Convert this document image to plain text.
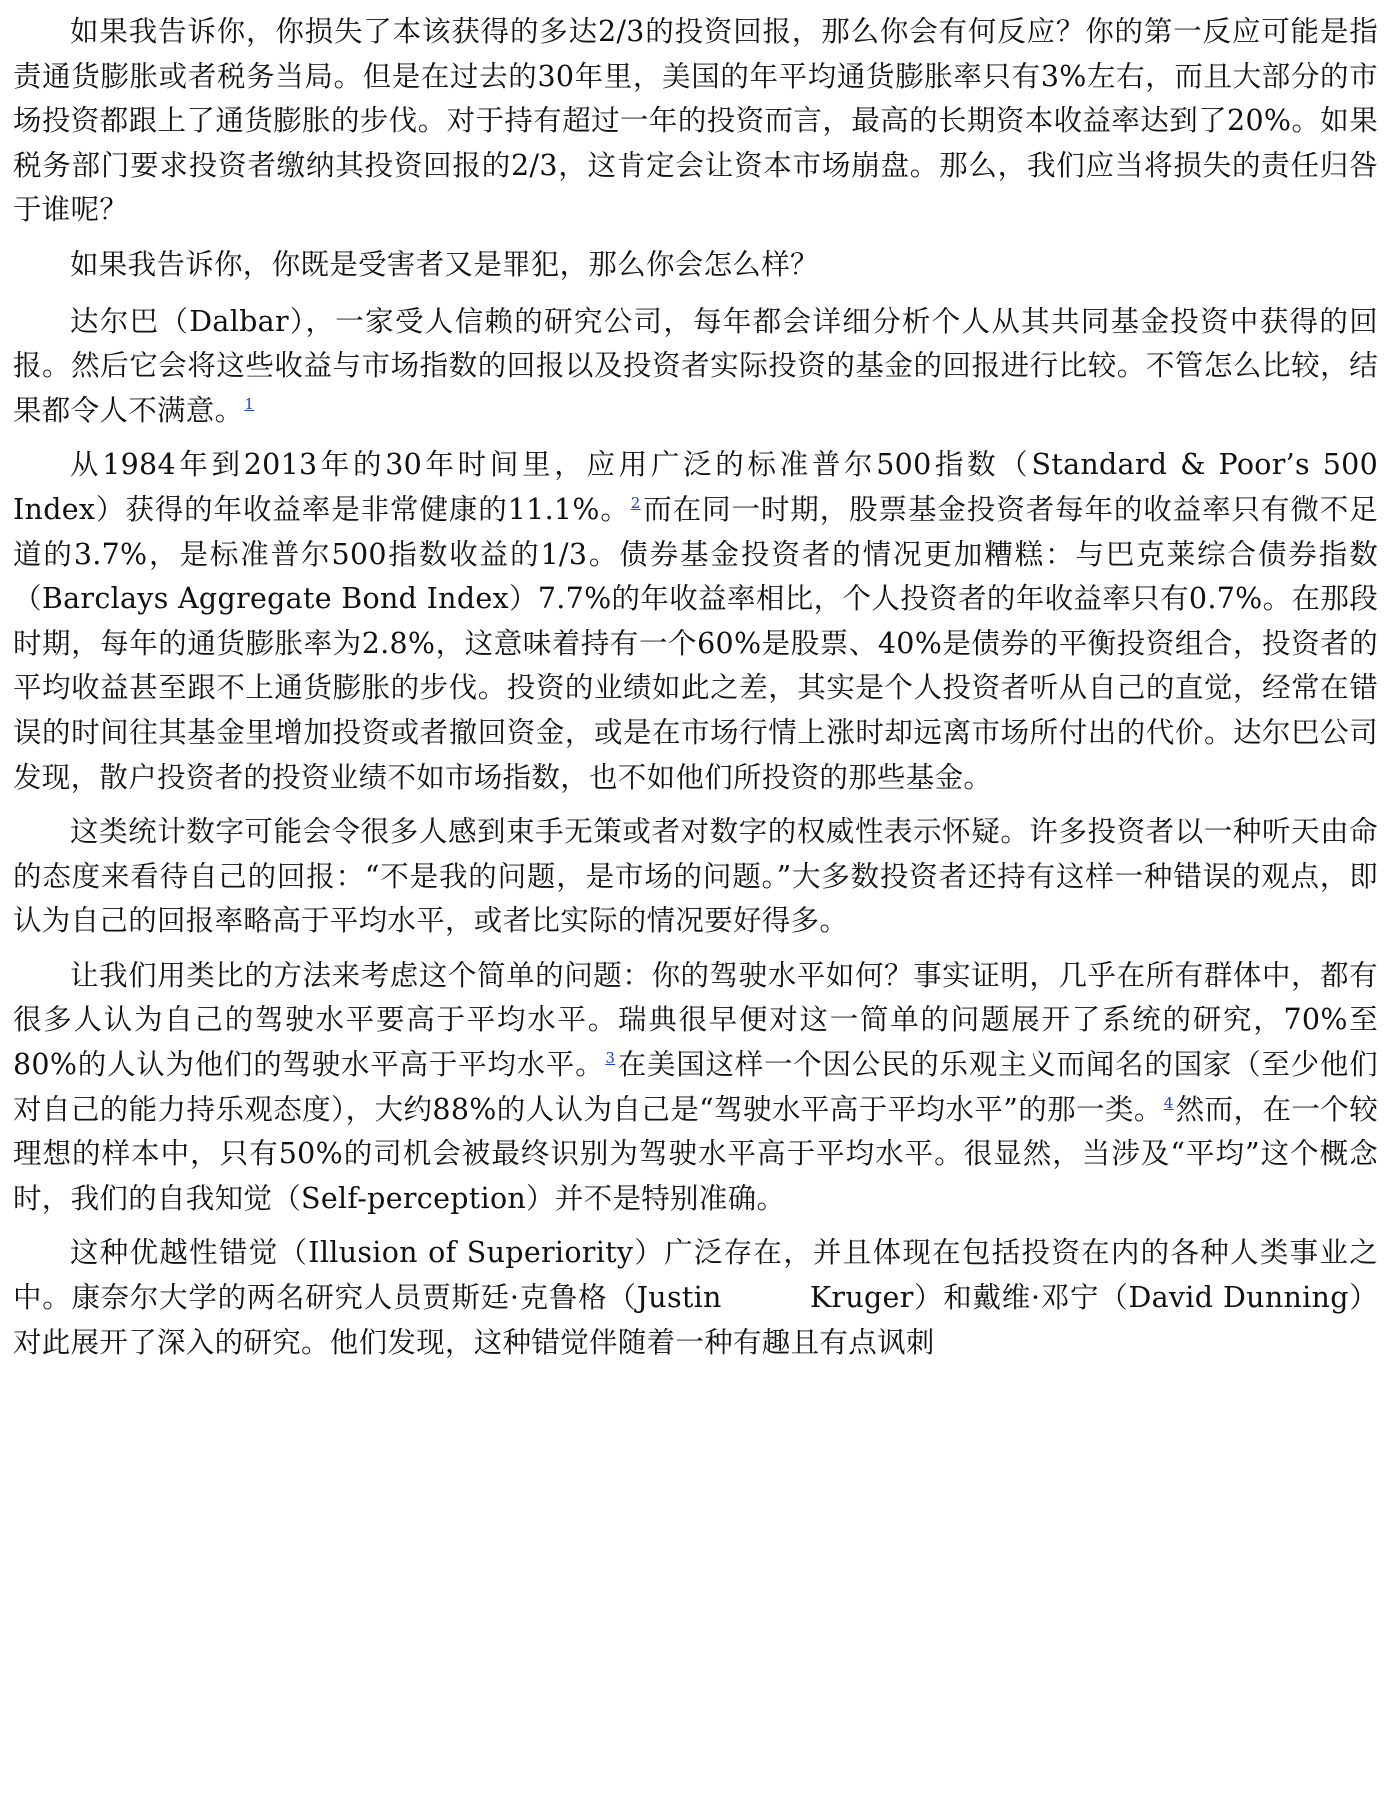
如果我告诉你，你损失了本该获得的多达2/3的投资回报，那么你会有何反应？你的第一反应可能是指责通货膨胀或者税务当局。但是在过去的30年里，美国的年平均通货膨胀率只有3%左右，而且大部分的市场投资都跟上了通货膨胀的步伐。对于持有超过一年的投资而言，最高的长期资本收益率达到了20%。如果税务部门要求投资者缴纳其投资回报的2/3，这肯定会让资本市场崩盘。那么，我们应当将损失的责任归咎于谁呢？

如果我告诉你，你既是受害者又是罪犯，那么你会怎么样？

达尔巴（Dalbar），一家受人信赖的研究公司，每年都会详细分析个人从其共同基金投资中获得的回报。然后它会将这些收益与市场指数的回报以及投资者实际投资的基金的回报进行比较。不管怎么比较，结果都令人不满意。$^1$

从1984年到2013年的30年时间里，应用广泛的标准普尔500指数（Standard & Poor’s 500 Index）获得的年收益率是非常健康的11.1%。$^2$而在同一时期，股票基金投资者每年的收益率只有微不足道的3.7%，是标准普尔500指数收益的1/3。债券基金投资者的情况更加糟糕：与巴克莱综合债券指数（Barclays Aggregate Bond Index）7.7%的年收益率相比，个人投资者的年收益率只有0.7%。在那段时期，每年的通货膨胀率为2.8%，这意味着持有一个60%是股票、40%是债券的平衡投资组合，投资者的平均收益甚至跟不上通货膨胀的步伐。投资的业绩如此之差，其实是个人投资者听从自己的直觉，经常在错误的时间往其基金里增加投资或者撤回资金，或是在市场行情上涨时却远离市场所付出的代价。达尔巴公司发现，散户投资者的投资业绩不如市场指数，也不如他们所投资的那些基金。

这类统计数字可能会令很多人感到束手无策或者对数字的权威性表示怀疑。许多投资者以一种听天由命的态度来看待自己的回报：“不是我的问题，是市场的问题。”大多数投资者还持有这样一种错误的观点，即认为自己的回报率略高于平均水平，或者比实际的情况要好得多。

让我们用类比的方法来考虑这个简单的问题：你的驾驶水平如何？事实证明，几乎在所有群体中，都有很多人认为自己的驾驶水平要高于平均水平。瑞典很早便对这一简单的问题展开了系统的研究，70%至80%的人认为他们的驾驶水平高于平均水平。$^3$在美国这样一个因公民的乐观主义而闻名的国家（至少他们对自己的能力持乐观态度），大约88%的人认为自己是“驾驶水平高于平均水平”的那一类。$^4$然而，在一个较理想的样本中，只有50%的司机会被最终识别为驾驶水平高于平均水平。很显然，当涉及“平均”这个概念时，我们的自我知觉（Self-perception）并不是特别准确。

这种优越性错觉（Illusion of Superiority）广泛存在，并且体现在包括投资在内的各种人类事业之中。康奈尔大学的两名研究人员贾斯廷·克鲁格（Justin　　　Kruger）和戴维·邓宁（David Dunning）对此展开了深入的研究。他们发现，这种错觉伴随着一种有趣且有点讽刺
